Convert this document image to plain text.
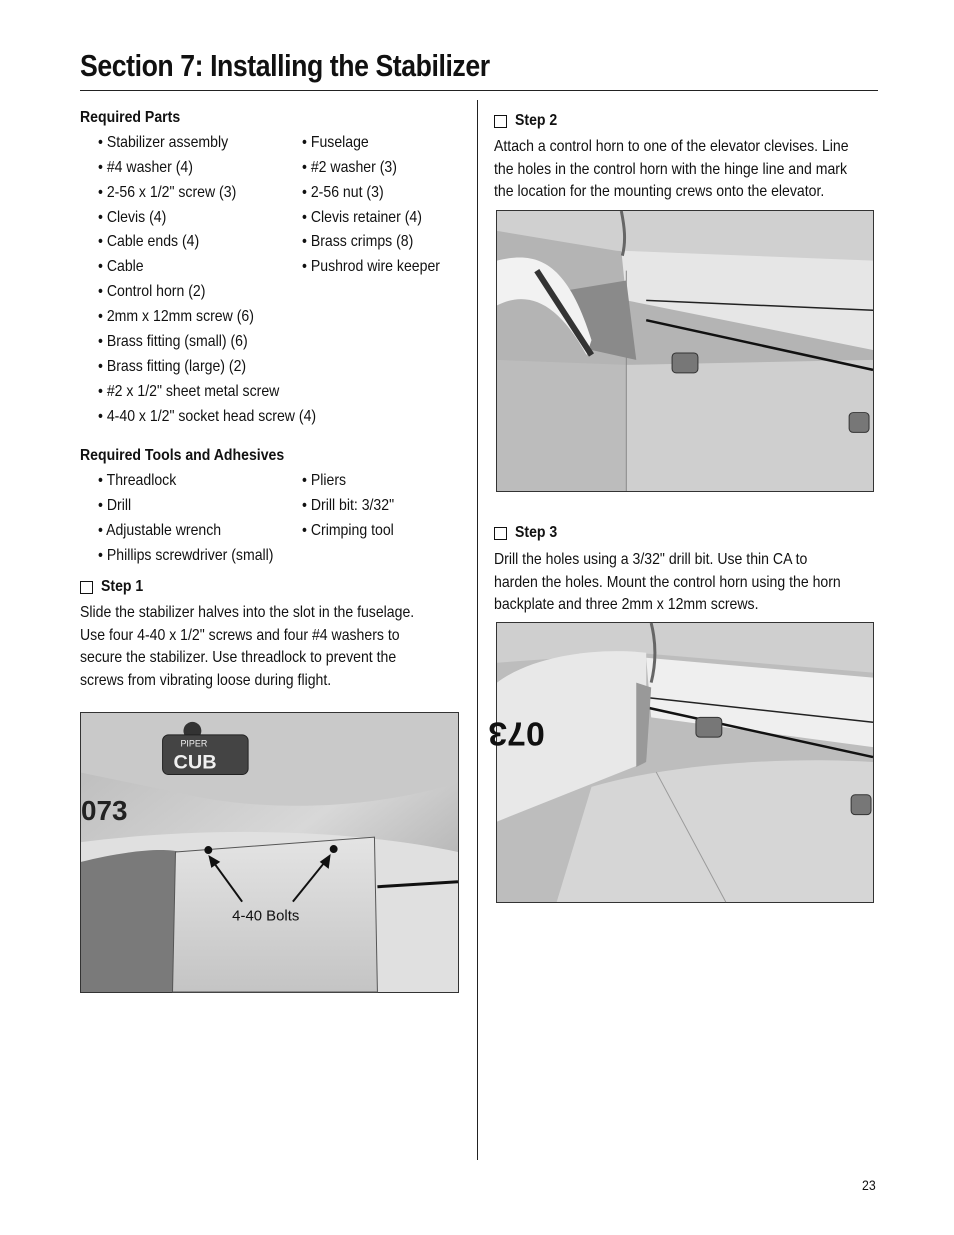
Section 7: Installing the Stabilizer
Required Parts
• Stabilizer assembly
• #4 washer (4)
• 2-56 x 1/2" screw (3)
• Clevis (4)
• Cable ends (4)
• Cable
• Control horn (2)
• 2mm x 12mm screw (6)
• Brass fitting (small) (6)
• Brass fitting (large) (2)
• #2 x 1/2" sheet metal screw
• 4-40 x 1/2" socket head screw (4)
• Fuselage
• #2 washer (3)
• 2-56 nut (3)
• Clevis retainer (4)
• Brass crimps (8)
• Pushrod wire keeper
Required Tools and Adhesives
• Threadlock
• Drill
• Adjustable wrench
• Phillips screwdriver (small)
• Pliers
• Drill bit: 3/32"
• Crimping tool
Step 1
Slide the stabilizer halves into the slot in the fuselage.
Use four 4-40 x 1/2" screws and four #4 washers to
secure the stabilizer. Use threadlock to prevent the
screws from vibrating loose during flight.
4-40 Bolts
073
PIPER
CUB
Step 2
Attach a control horn to one of the elevator clevises. Line
the holes in the control horn with the hinge line and mark
the location for the mounting crews onto the elevator.
Step 3
Drill the holes using a 3/32" drill bit. Use thin CA to
harden the holes. Mount the control horn using the horn
backplate and three 2mm x 12mm screws.
073
23
